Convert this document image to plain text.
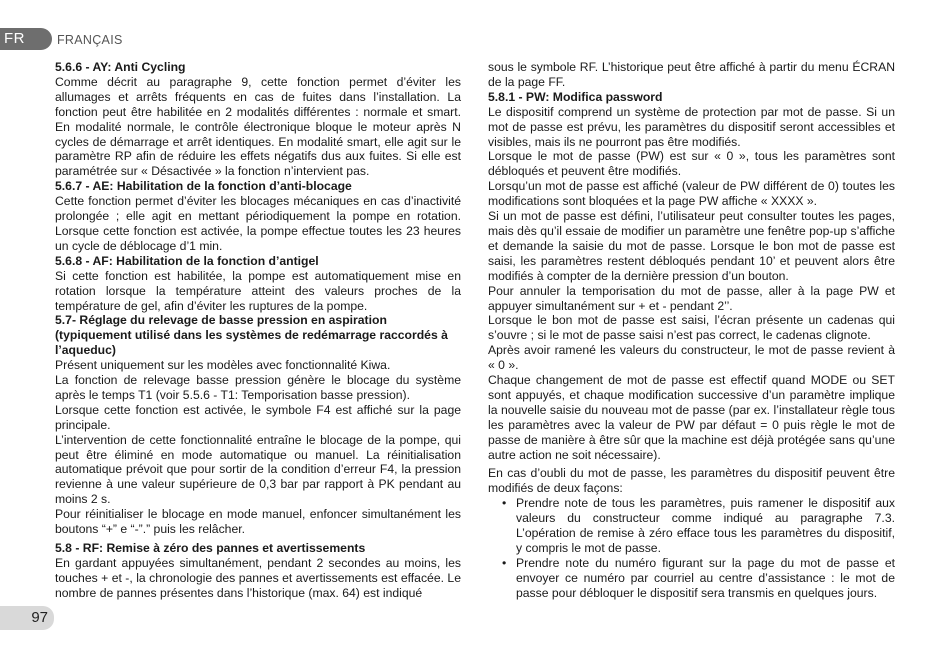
FR	FRANÇAIS
5.6.6 - AY: Anti Cycling

Comme décrit au paragraphe 9, cette fonction permet d’éviter les allumages et arrêts fréquents en cas de fuites dans l’installation. La fonction peut être habilitée en 2 modalités différentes : normale et smart. En modalité normale, le contrôle électronique bloque le moteur après N cycles de démarrage et arrêt identiques. En modalité smart, elle agit sur le paramètre RP afin de réduire les effets négatifs dus aux fuites. Si elle est paramétrée sur « Désactivée » la fonction n’intervient pas.

5.6.7 - AE: Habilitation de la fonction d’anti-blocage

Cette fonction permet d’éviter les blocages mécaniques en cas d’inactivité prolongée ; elle agit en mettant périodiquement la pompe en rotation. Lorsque cette fonction est activée, la pompe effectue toutes les 23 heures un cycle de déblocage d’1 min.

5.6.8 - AF: Habilitation de la fonction d’antigel

Si cette fonction est habilitée, la pompe est automatiquement mise en rotation lorsque la température atteint des valeurs proches de la température de gel, afin d’éviter les ruptures de la pompe.

5.7- Réglage du relevage de basse pression en aspiration (typiquement utilisé dans les systèmes de redémarrage raccordés à l’aqueduc)

Présent uniquement sur les modèles avec fonctionnalité Kiwa.

La fonction de relevage basse pression génère le blocage du système après le temps T1 (voir 5.5.6 - T1: Temporisation basse pression).

Lorsque cette fonction est activée, le symbole F4 est affiché sur la page principale.

L’intervention de cette fonctionnalité entraîne le blocage de la pompe, qui peut être éliminé en mode automatique ou manuel. La réinitialisation automatique prévoit que pour sortir de la condition d’erreur F4, la pression revienne à une valeur supérieure de 0,3 bar par rapport à PK pendant au moins 2 s.

Pour réinitialiser le blocage en mode manuel, enfoncer simultanément les boutons “+” e “-”.” puis les relâcher.

5.8 - RF: Remise à zéro des pannes et avertissements

En gardant appuyées simultanément, pendant 2 secondes au moins, les touches + et -, la chronologie des pannes et avertissements est effacée. Le nombre de pannes présentes dans l’historique (max. 64) est indiqué

sous le symbole RF. L’historique peut être affiché à partir du menu ÉCRAN de la page FF.

5.8.1 - PW: Modifica password

Le dispositif comprend un système de protection par mot de passe. Si un mot de passe est prévu, les paramètres du dispositif seront accessibles et visibles, mais ils ne pourront pas être modifiés.

Lorsque le mot de passe (PW) est sur « 0 », tous les paramètres sont débloqués et peuvent être modifiés.

Lorsqu’un mot de passe est affiché (valeur de PW différent de 0) toutes les modifications sont bloquées et la page PW affiche « XXXX ».

Si un mot de passe est défini, l’utilisateur peut consulter toutes les pages, mais dès qu’il essaie de modifier un paramètre une fenêtre pop-up s’affiche et demande la saisie du mot de passe. Lorsque le bon mot de passe est saisi, les paramètres restent débloqués pendant 10’ et peuvent alors être modifiés à compter de la dernière pression d’un bouton.

Pour annuler la temporisation du mot de passe, aller à la page PW et appuyer simultanément sur + et - pendant 2’’.

Lorsque le bon mot de passe est saisi, l’écran présente un cadenas qui s’ouvre ; si le mot de passe saisi n’est pas correct, le cadenas clignote.

Après avoir ramené les valeurs du constructeur, le mot de passe revient à « 0 ».

Chaque changement de mot de passe est effectif quand MODE ou SET sont appuyés, et chaque modification successive d’un paramètre implique la nouvelle saisie du nouveau mot de passe (par ex. l’installateur règle tous les paramètres avec la valeur de PW par défaut = 0 puis règle le mot de passe de manière à être sûr que la machine est déjà protégée sans qu’une autre action ne soit nécessaire).

En cas d’oubli du mot de passe, les paramètres du dispositif peuvent être modifiés de deux façons:

• Prendre note de tous les paramètres, puis ramener le dispositif aux valeurs du constructeur comme indiqué au paragraphe 7.3. L’opération de remise à zéro efface tous les paramètres du dispositif, y compris le mot de passe.
• Prendre note du numéro figurant sur la page du mot de passe et envoyer ce numéro par courriel au centre d’assistance : le mot de passe pour débloquer le dispositif sera transmis en quelques jours.
97
